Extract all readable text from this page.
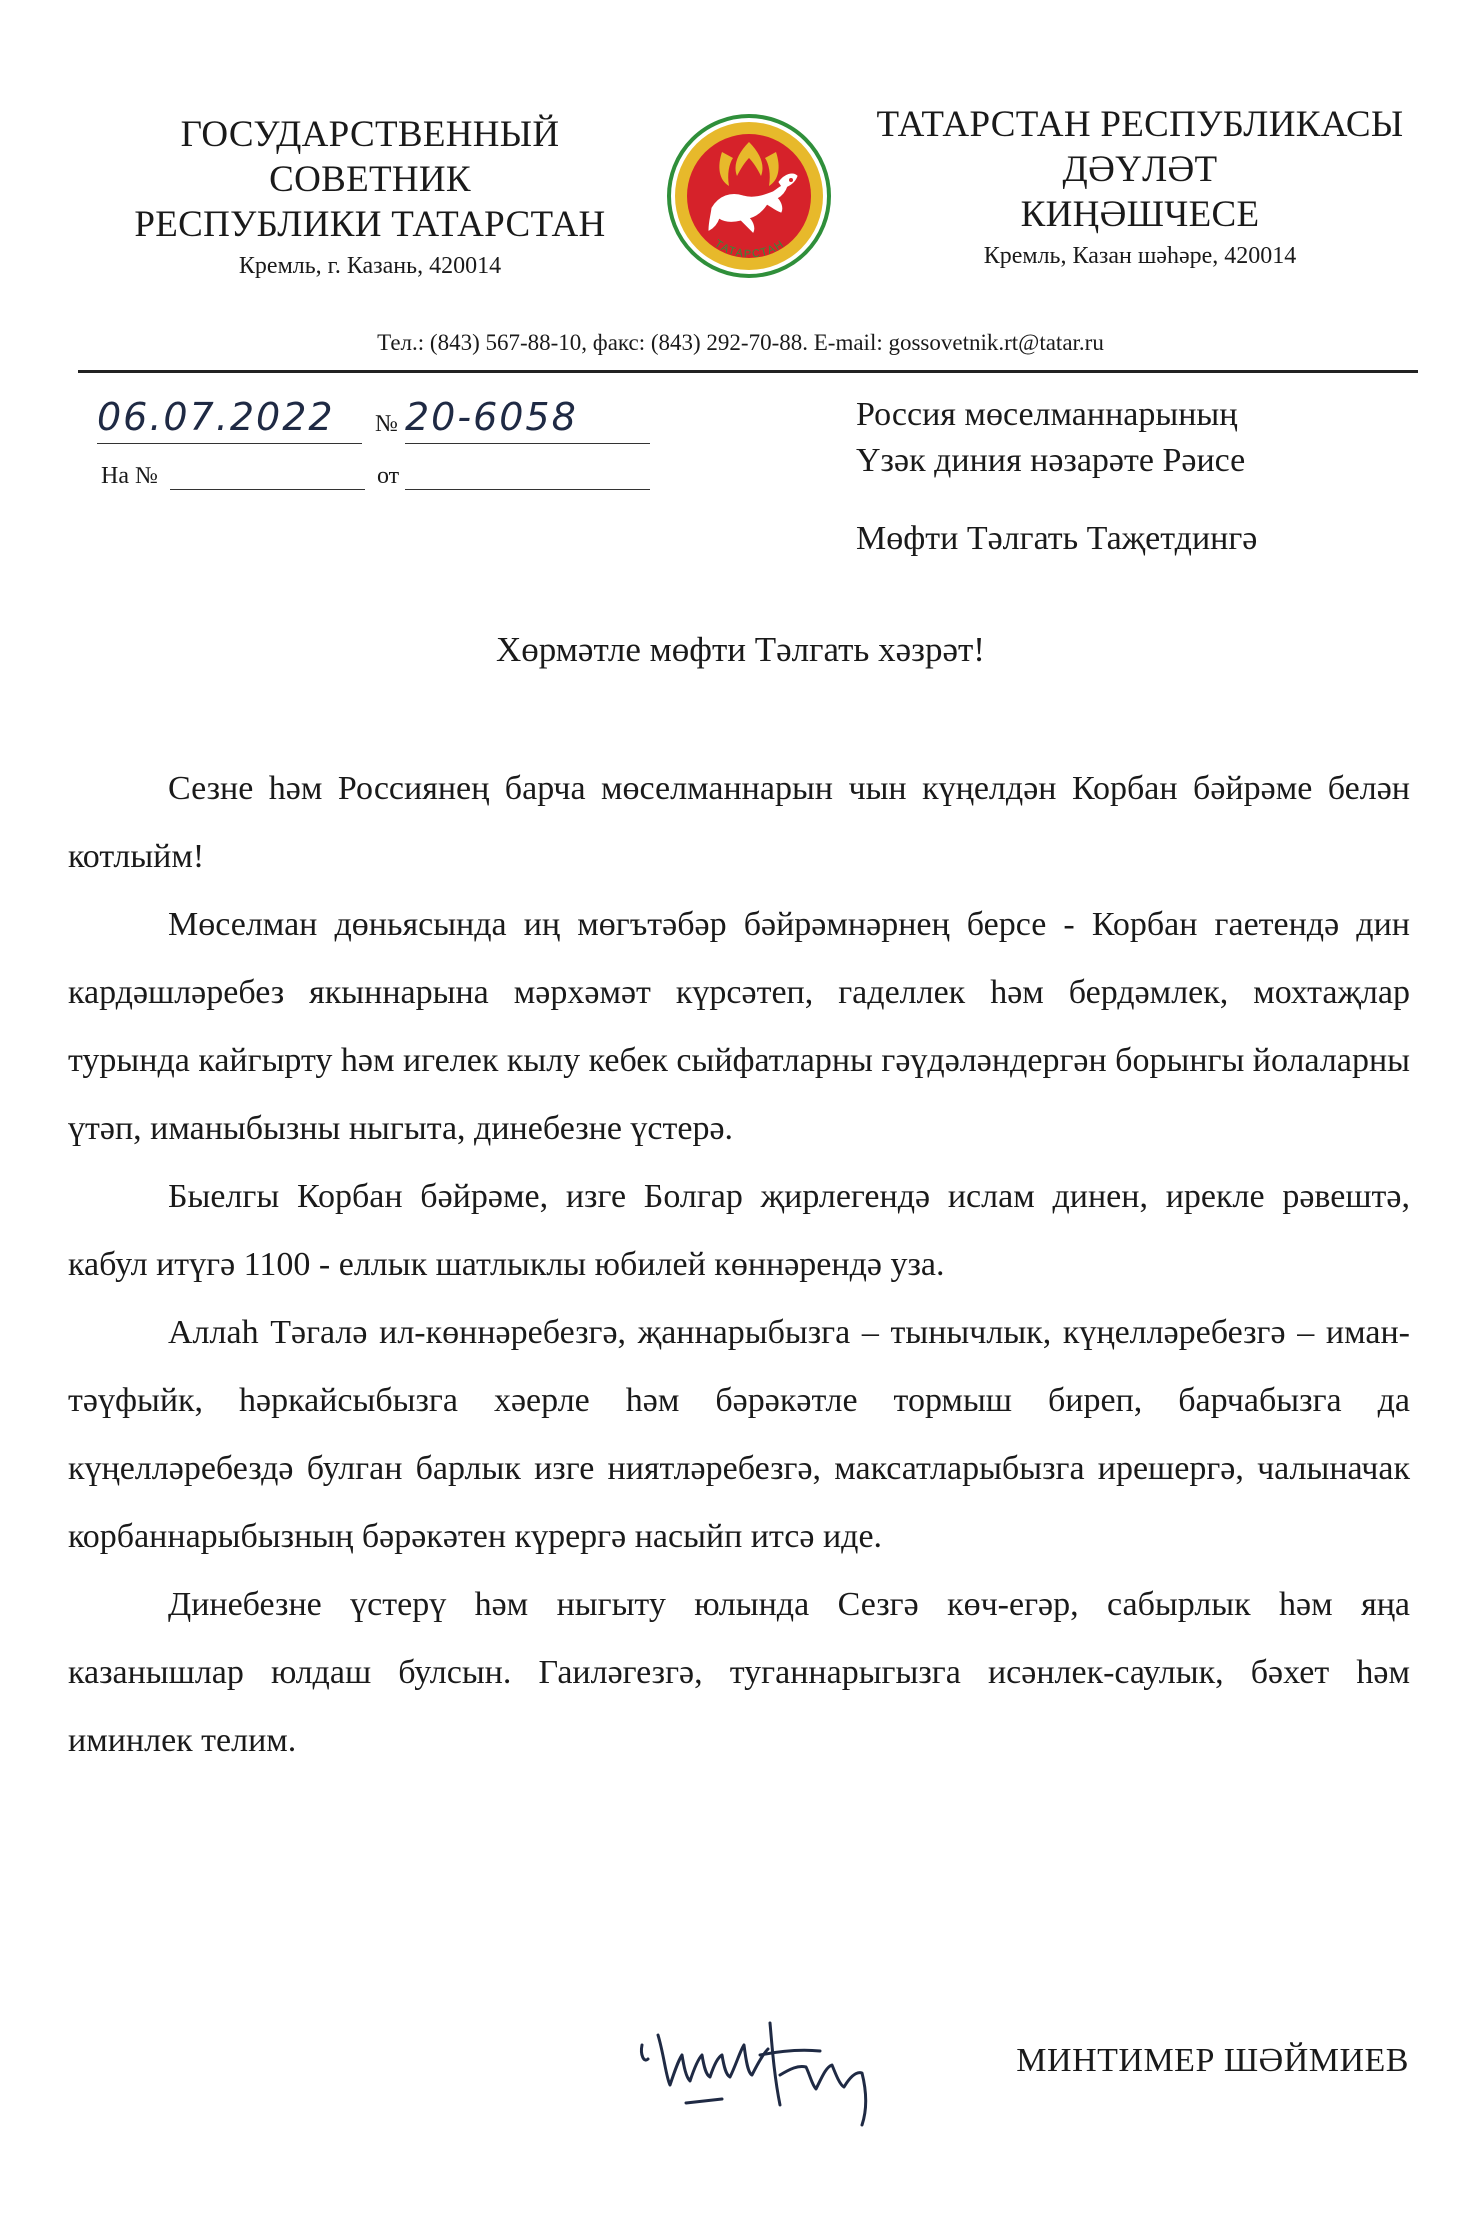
ГОСУДАРСТВЕННЫЙ
СОВЕТНИК
РЕСПУБЛИКИ ТАТАРСТАН
Кремль, г. Казань, 420014
ТАТАРСТАН
ТАТАРСТАН РЕСПУБЛИКАСЫ
ДӘҮЛӘТ
КИҢӘШЧЕСЕ
Кремль, Казан шәһәре, 420014
Тел.: (843) 567-88-10, факс: (843) 292-70-88. E-mail: gossovetnik.rt@tatar.ru
06.07.2022	№ 20-6058
На №	от
Россия мөселманнарының
Үзәк диния нәзарәте Рәисе
Мөфти Тәлгать Таҗетдингә
Хөрмәтле мөфти Тәлгать хәзрәт!

Сезне һәм Россиянең барча мөселманнарын чын күңелдән Корбан бәйрәме белән котлыйм!

Мөселман дөньясында иң мөгътәбәр бәйрәмнәрнең берсе - Корбан гаетендә дин кардәшләребез якыннарына мәрхәмәт күрсәтеп, гаделлек һәм бердәмлек, мохтаҗлар турында кайгырту һәм игелек кылу кебек сыйфатларны гәүдәләндергән борынгы йолаларны үтәп, иманыбызны ныгыта, динебезне үстерә.

Быелгы Корбан бәйрәме, изге Болгар җирлегендә ислам динен, ирекле рәвештә, кабул итүгә 1100 - еллык шатлыклы юбилей көннәрендә уза.

Аллаһ Тәгалә ил-көннәребезгә, җаннарыбызга – тынычлык, күңелләребезгә – иман-тәүфыйк, һәркайсыбызга хәерле һәм бәрәкәтле тормыш биреп, барчабызга да күңелләребездә булган барлык изге ниятләребезгә, максатларыбызга ирешергә, чалыначак корбаннарыбызның бәрәкәтен күрергә насыйп итсә иде.

Динебезне үстерү һәм ныгыту юлында Сезгә көч-егәр, сабырлык һәм яңа казанышлар юлдаш булсын. Гаиләгезгә, туганнарыгызга исәнлек-саулык, бәхет һәм иминлек телим.

МИНТИМЕР ШӘЙМИЕВ
